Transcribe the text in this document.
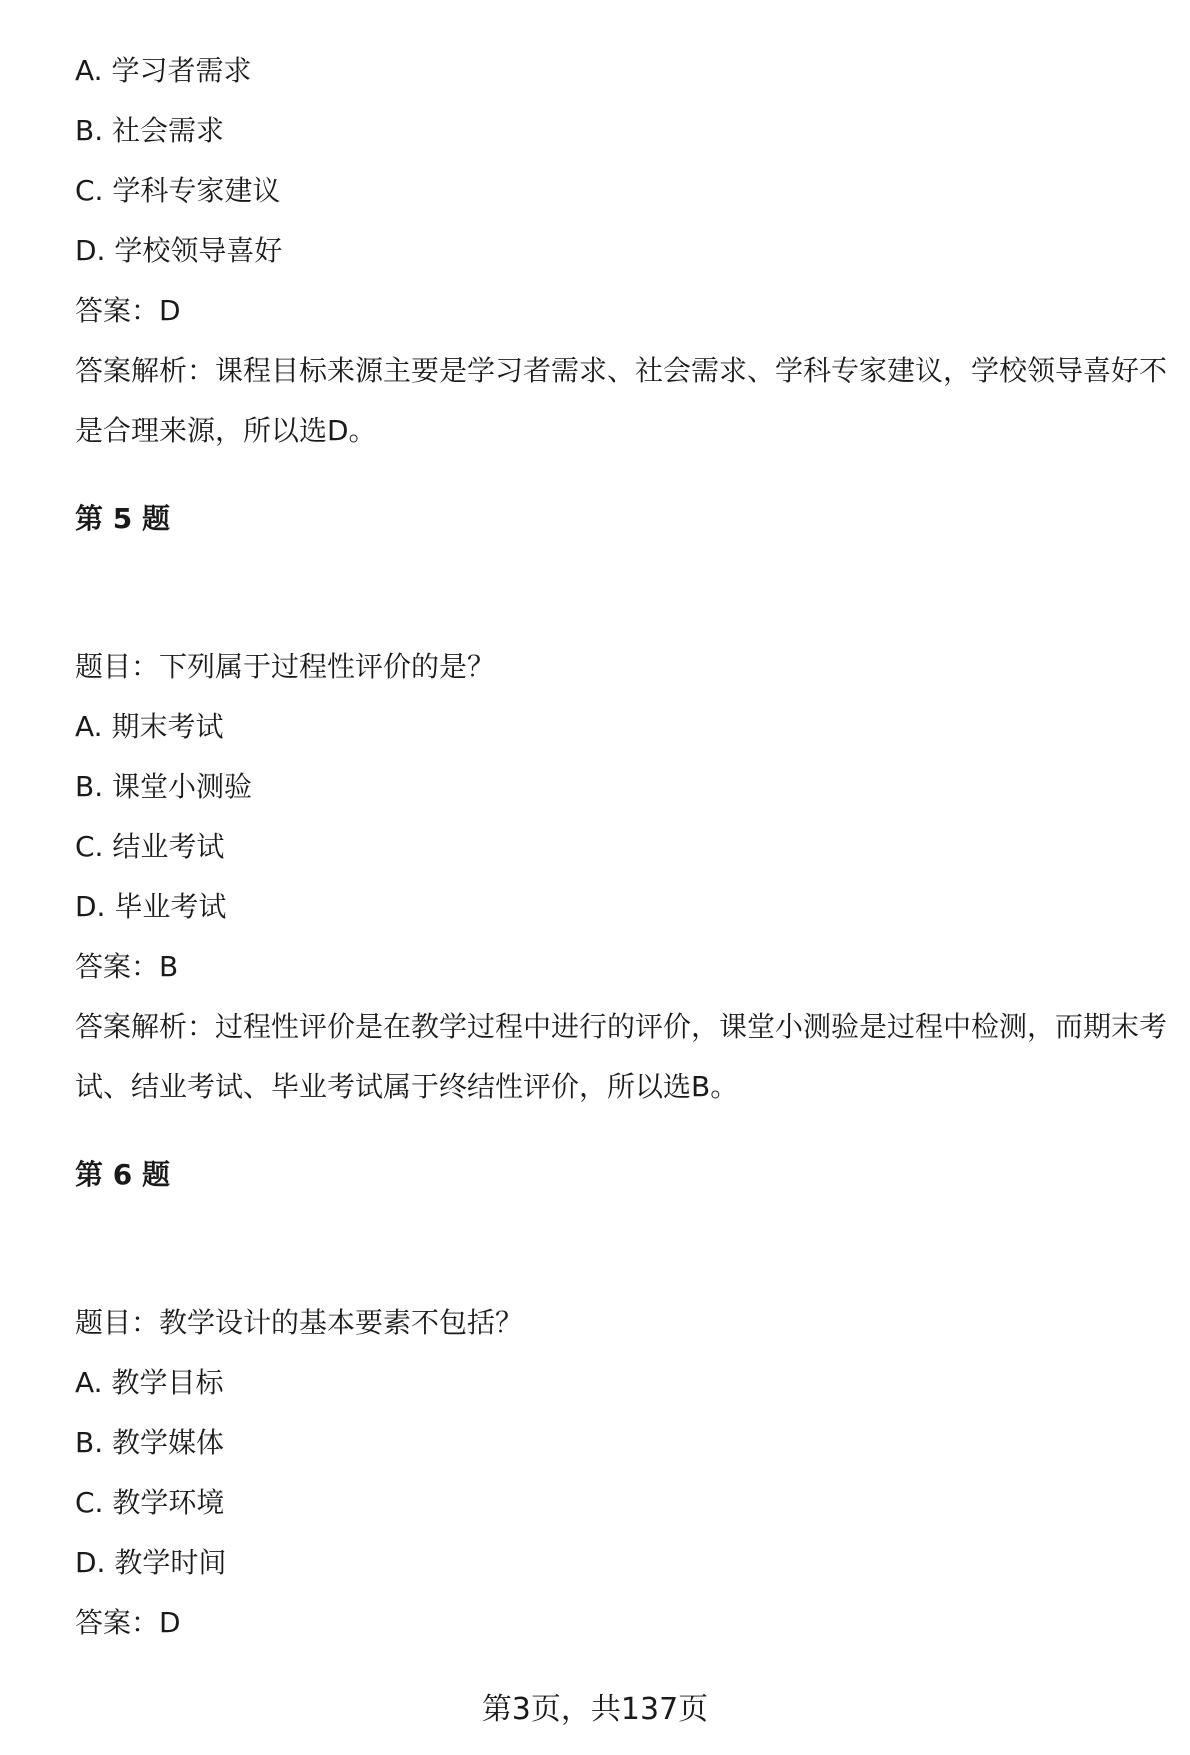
A. 学习者需求
B. 社会需求
C. 学科专家建议
D. 学校领导喜好
答案：D
答案解析：课程目标来源主要是学习者需求、社会需求、学科专家建议，学校领导喜好不是合理来源，所以选D。
第 5 题
题目：下列属于过程性评价的是？
A. 期末考试
B. 课堂小测验
C. 结业考试
D. 毕业考试
答案：B
答案解析：过程性评价是在教学过程中进行的评价，课堂小测验是过程中检测，而期末考试、结业考试、毕业考试属于终结性评价，所以选B。
第 6 题
题目：教学设计的基本要素不包括？
A. 教学目标
B. 教学媒体
C. 教学环境
D. 教学时间
答案：D
第3页，共137页
